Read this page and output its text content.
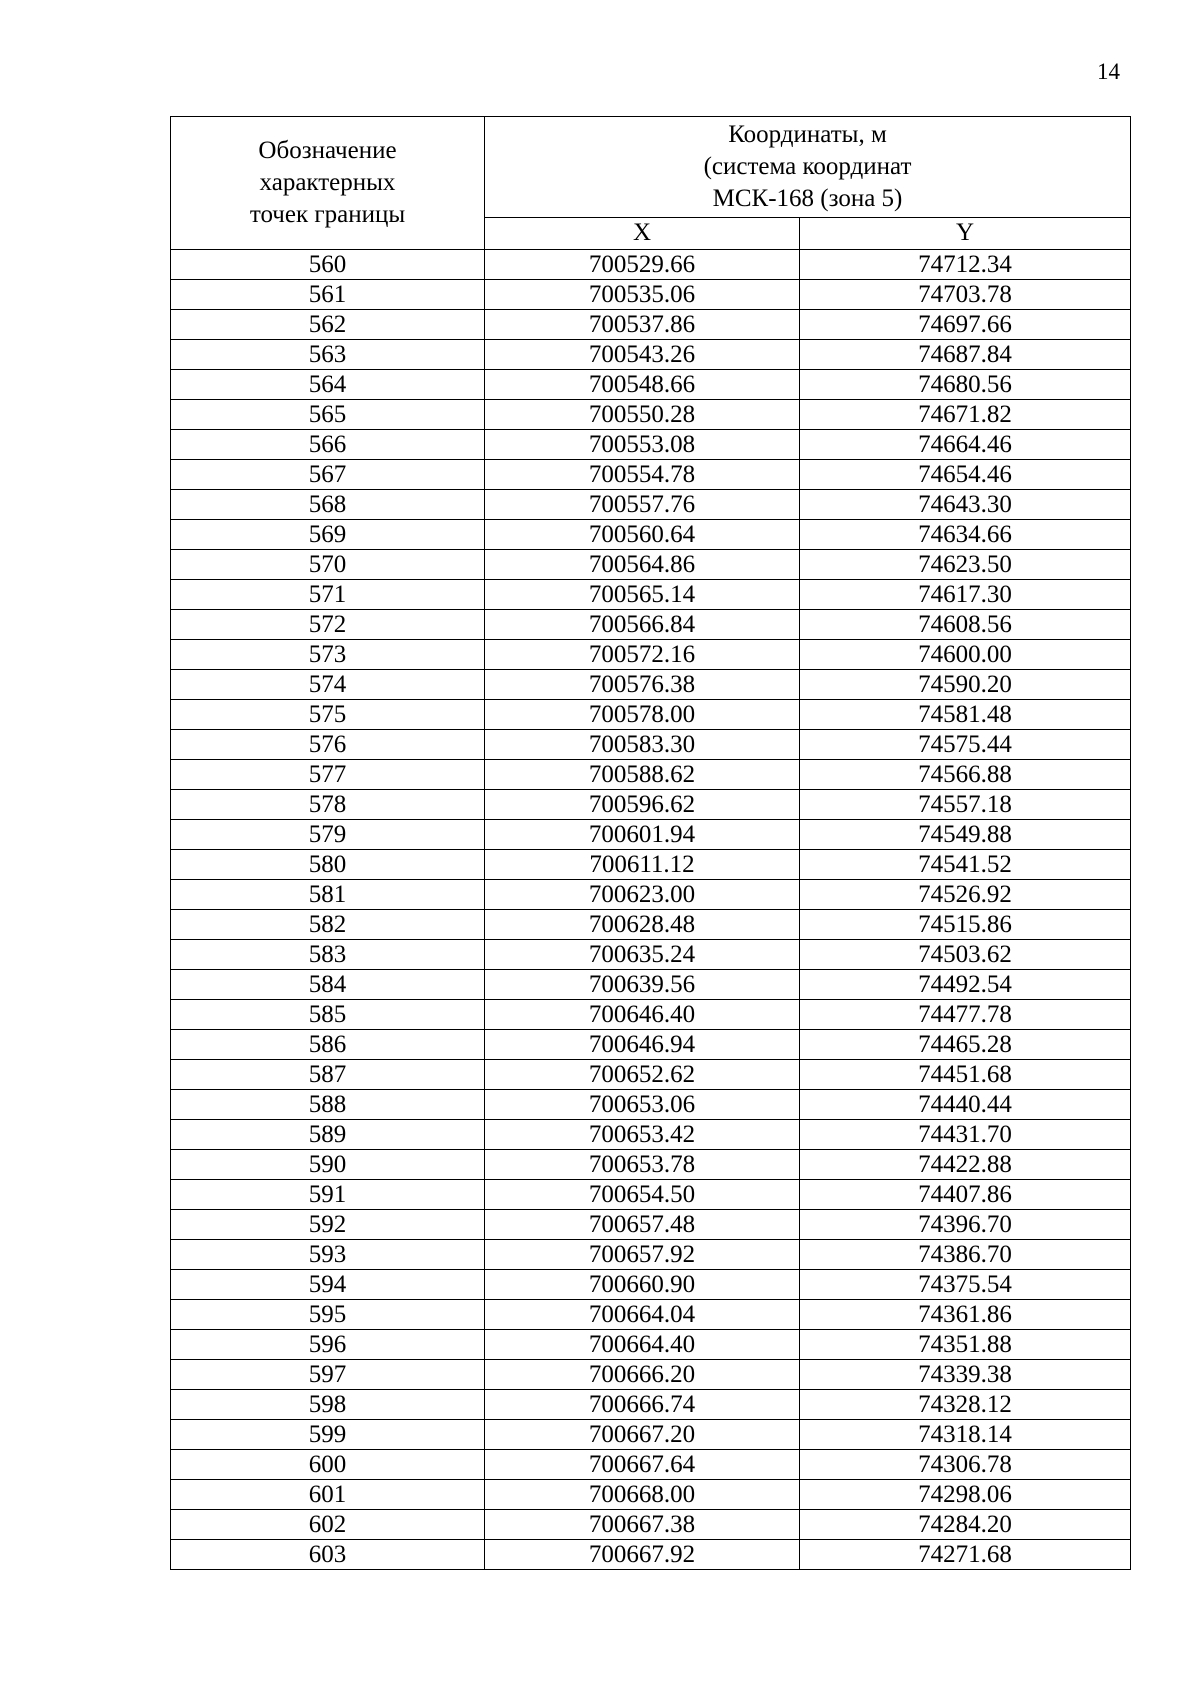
14
Обозначение
характерных
точек границы	Координаты, м
(система координат
МСК-168 (зона 5)	

	X	Y
560	700529.66	74712.34
561	700535.06	74703.78
562	700537.86	74697.66
563	700543.26	74687.84
564	700548.66	74680.56
565	700550.28	74671.82
566	700553.08	74664.46
567	700554.78	74654.46
568	700557.76	74643.30
569	700560.64	74634.66
570	700564.86	74623.50
571	700565.14	74617.30
572	700566.84	74608.56
573	700572.16	74600.00
574	700576.38	74590.20
575	700578.00	74581.48
576	700583.30	74575.44
577	700588.62	74566.88
578	700596.62	74557.18
579	700601.94	74549.88
580	700611.12	74541.52
581	700623.00	74526.92
582	700628.48	74515.86
583	700635.24	74503.62
584	700639.56	74492.54
585	700646.40	74477.78
586	700646.94	74465.28
587	700652.62	74451.68
588	700653.06	74440.44
589	700653.42	74431.70
590	700653.78	74422.88
591	700654.50	74407.86
592	700657.48	74396.70
593	700657.92	74386.70
594	700660.90	74375.54
595	700664.04	74361.86
596	700664.40	74351.88
597	700666.20	74339.38
598	700666.74	74328.12
599	700667.20	74318.14
600	700667.64	74306.78
601	700668.00	74298.06
602	700667.38	74284.20
603	700667.92	74271.68
